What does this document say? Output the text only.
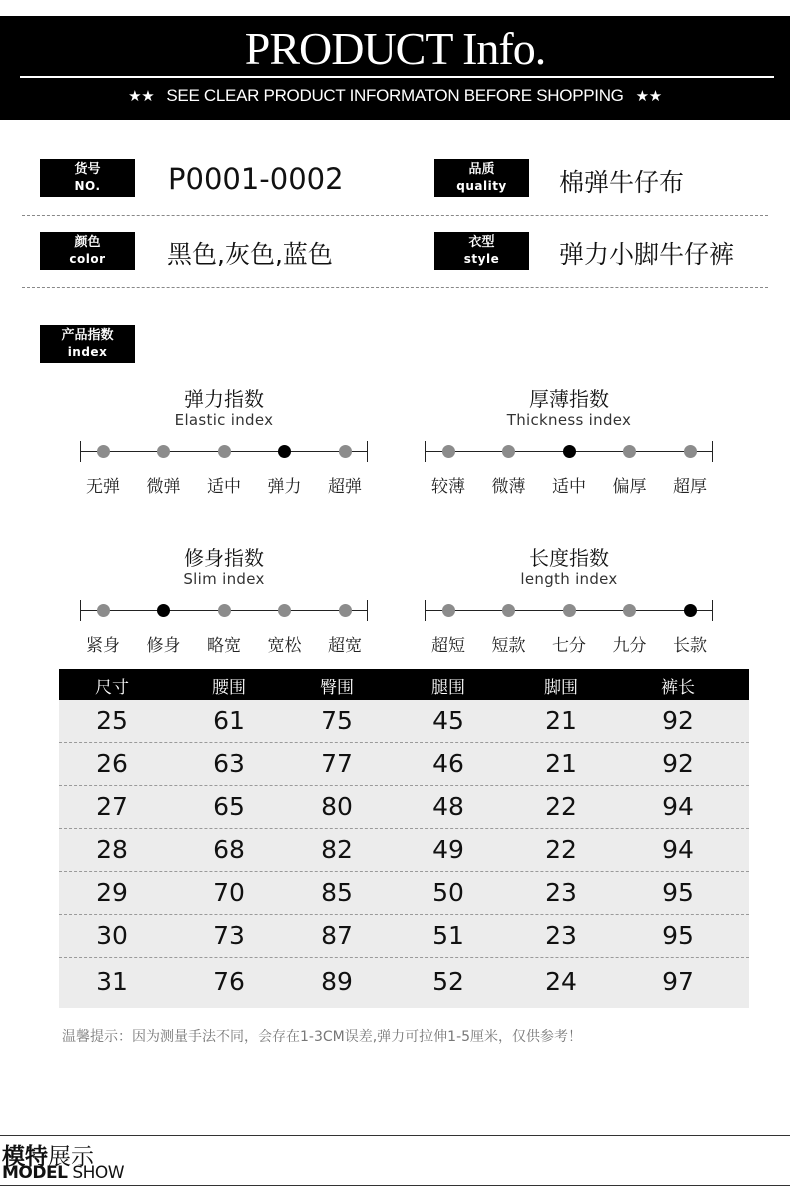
PRODUCT Info.
★★ SEE CLEAR PRODUCT INFORMATON BEFORE SHOPPING ★★
货号
NO.	P0001-0002	品质
quality	棉弹牛仔布
颜色
color	黑色,灰色,蓝色	衣型
style	弹力小脚牛仔裤
产品指数
index
弹力指数
Elastic index
厚薄指数
Thickness index
修身指数
Slim index
长度指数
length index
尺寸	腰围	臀围	腿围	脚围	裤长
25	61	75	45	21	92
26	63	77	46	21	92
27	65	80	48	22	94
28	68	82	49	22	94
29	70	85	50	23	95
30	73	87	51	23	95
31	76	89	52	24	97
温馨提示：因为测量手法不同，会存在1-3CM误差,弹力可拉伸1-5厘米，仅供参考！
模特展示
MODEL SHOW
无弹	微弹	适中	弹力	超弹	较薄	微薄	适中	偏厚	超厚
紧身	修身	略宽	宽松	超宽	超短	短款	七分	九分	长款
